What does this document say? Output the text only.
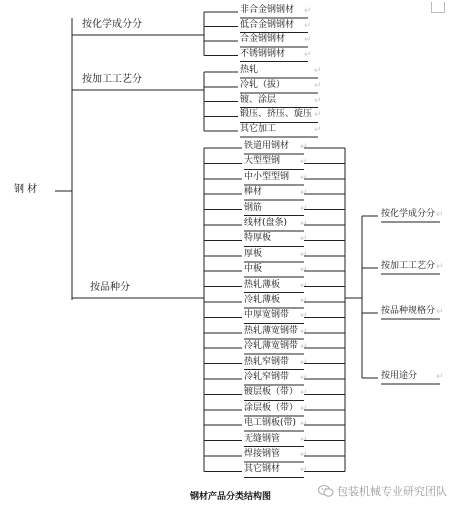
钢材产品分类结构图	包装机械专业研究团队
钢 材
按化学成分分
非合金钢钢材 ↵
低合金钢钢材 ↵
合金钢钢材 ↵
不锈钢钢材 ↵
按加工工艺分
热轧	↵
冷轧（拔）	↵
镀、涂层	↵
锻压、挤压、旋压 ↵
其它加工	↵
按品种分
铁道用钢材 ↵
大型型钢 ↵
中小型型钢 ↵
棒材	↵
钢筋	↵
线材(盘条) ↵
特厚板	↵
厚板	↵
中板	↵
热轧薄板 ↵
冷轧薄板 ↵
中厚宽钢带 ↵
热轧薄宽钢带 ↵
冷轧薄宽钢带 ↵
热轧窄钢带 ↵
冷轧窄钢带 ↵
镀层板（带） ↵
涂层板（带） ↵
电工钢板(带) ↵
无缝钢管 ↵
焊接钢管 ↵
其它钢材 ↵
按化学成分分 ↵
按加工工艺分 ↵
按品种规格分 ↵
按用途分 ↵
